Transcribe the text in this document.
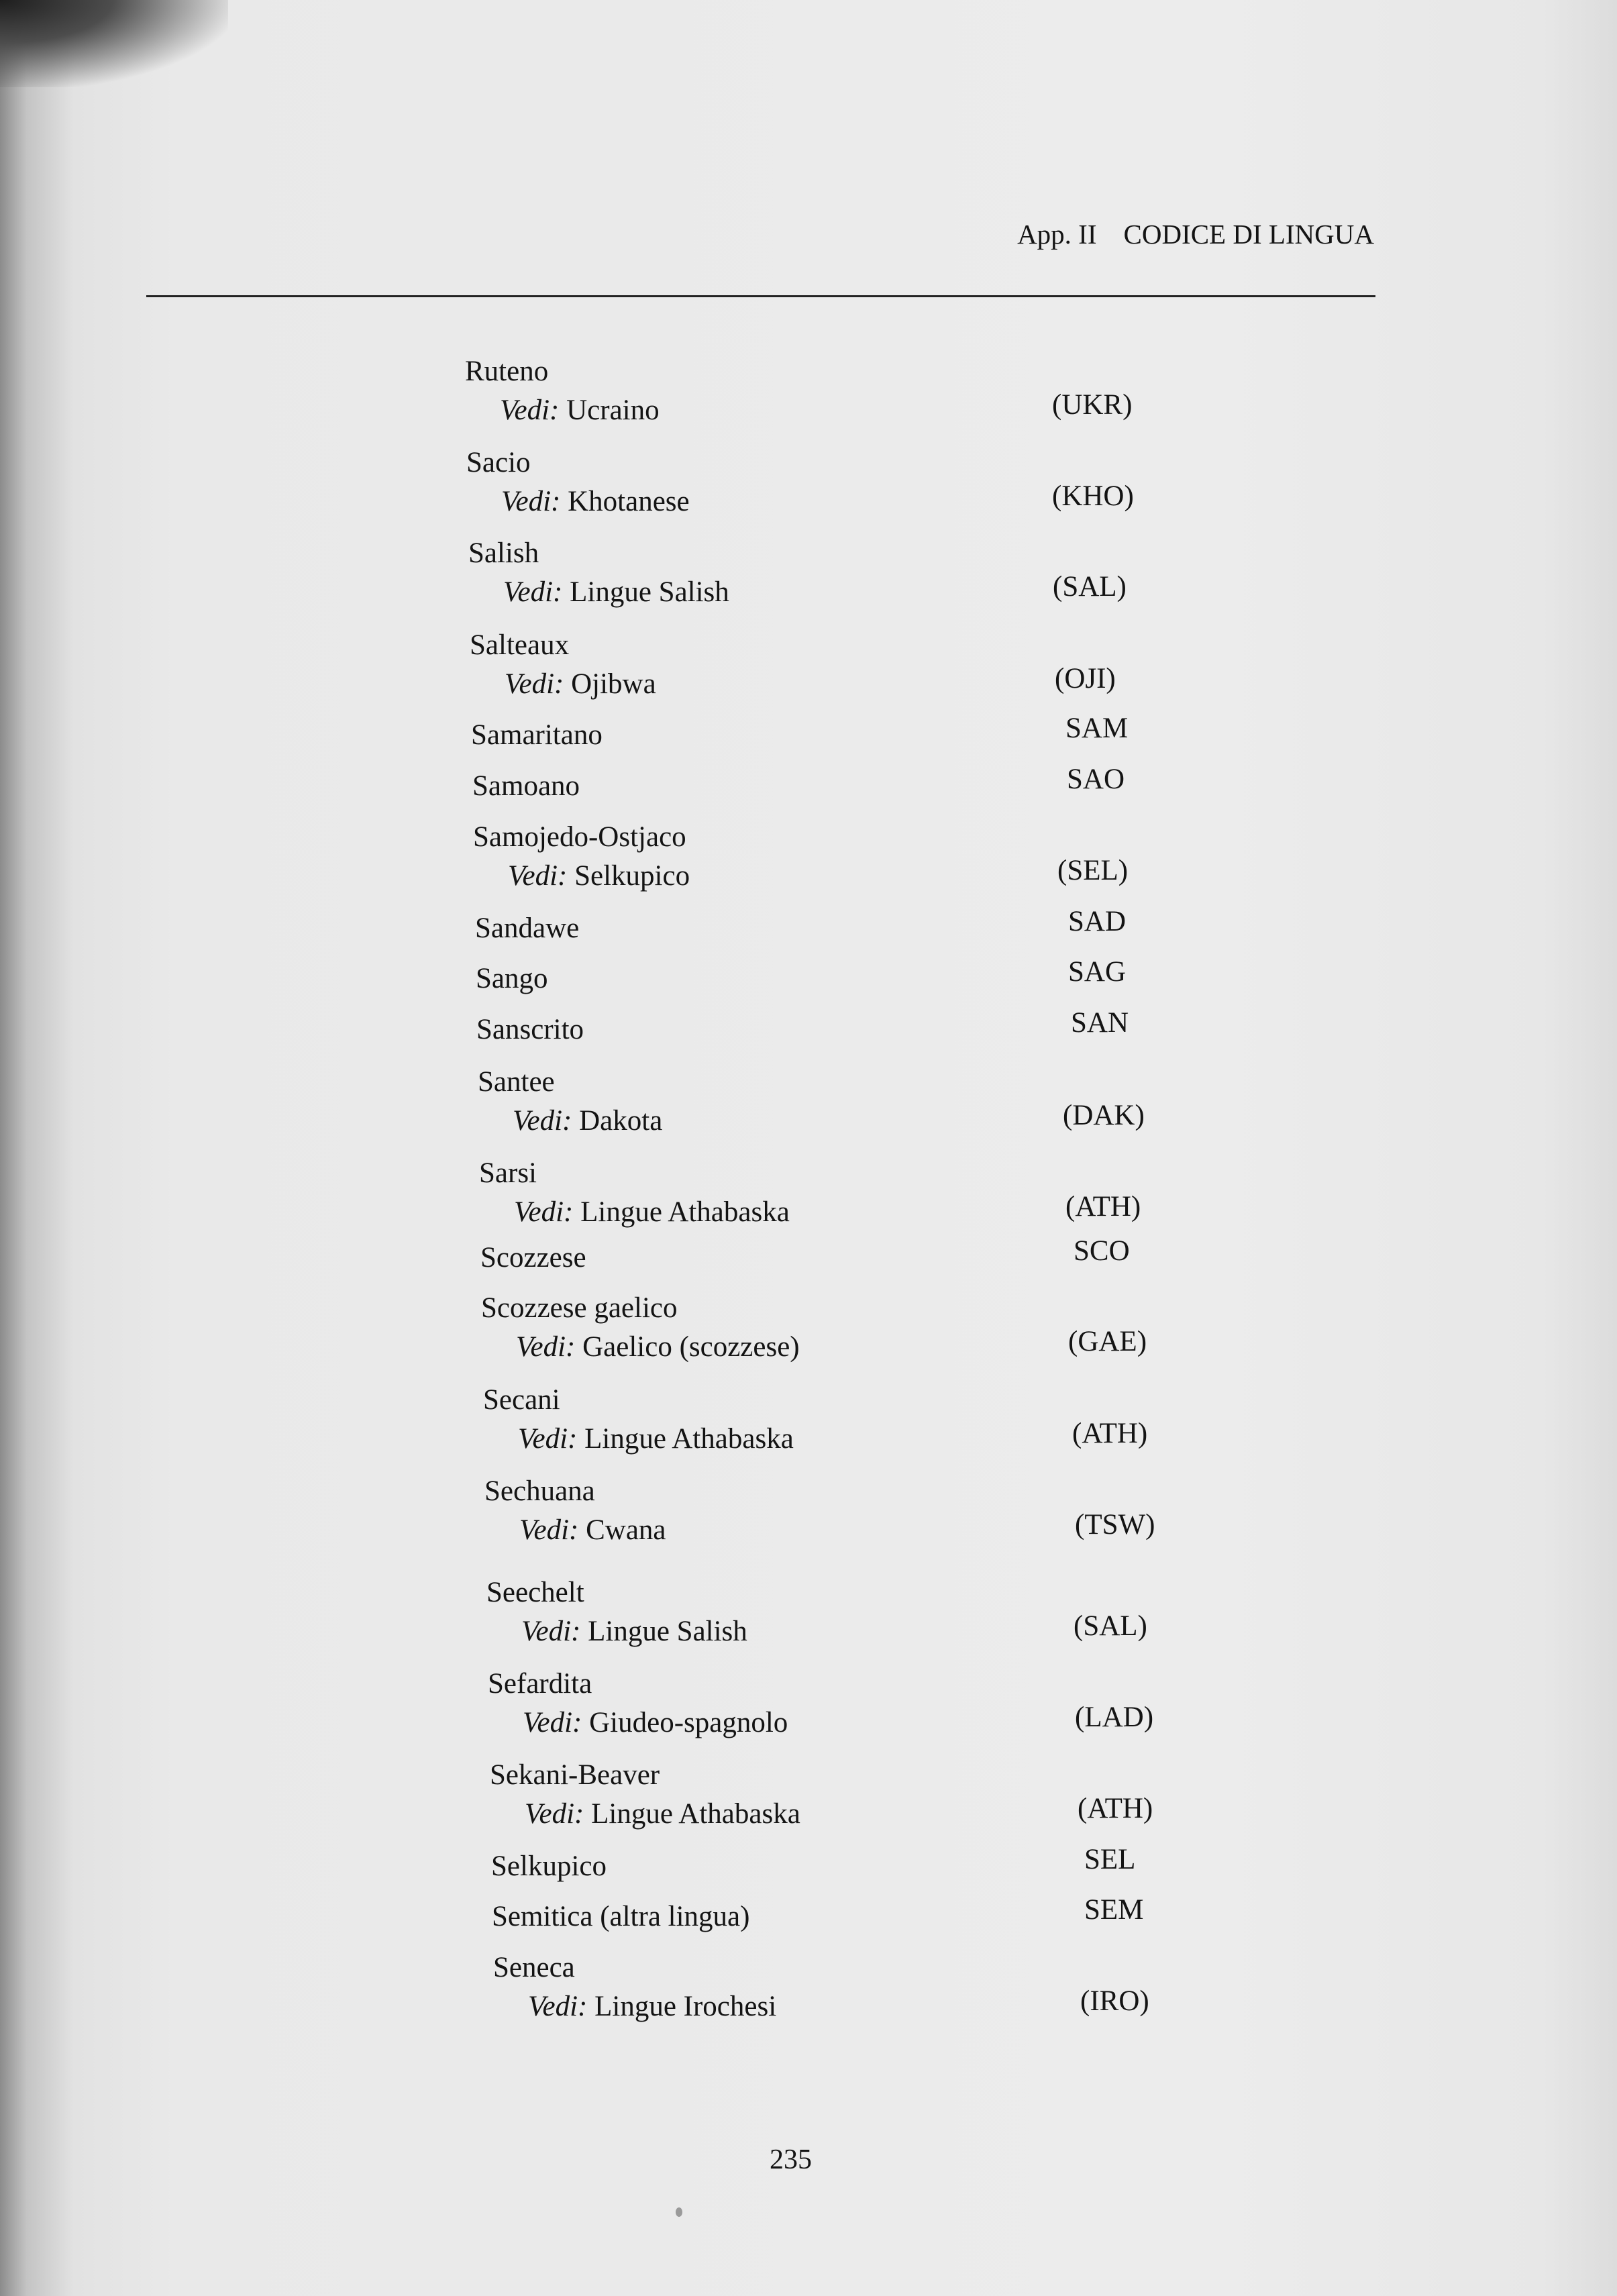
App. II CODICE DI LINGUA
Ruteno
Vedi: Ucraino	(UKR)
Sacio
Vedi: Khotanese	(KHO)
Salish
Vedi: Lingue Salish	(SAL)
Salteaux
Vedi: Ojibwa	(OJI)
Samaritano	SAM
Samoano	SAO
Samojedo-Ostjaco
Vedi: Selkupico	(SEL)
Sandawe	SAD
Sango	SAG
Sanscrito	SAN
Santee
Vedi: Dakota	(DAK)
Sarsi
Vedi: Lingue Athabaska	(ATH)
Scozzese	SCO
Scozzese gaelico
Vedi: Gaelico (scozzese)	(GAE)
Secani
Vedi: Lingue Athabaska	(ATH)
Sechuana
Vedi: Cwana	(TSW)
Seechelt
Vedi: Lingue Salish	(SAL)
Sefardita
Vedi: Giudeo-spagnolo	(LAD)
Sekani-Beaver
Vedi: Lingue Athabaska	(ATH)
Selkupico	SEL
Semitica (altra lingua)	SEM
Seneca
Vedi: Lingue Irochesi	(IRO)
235
